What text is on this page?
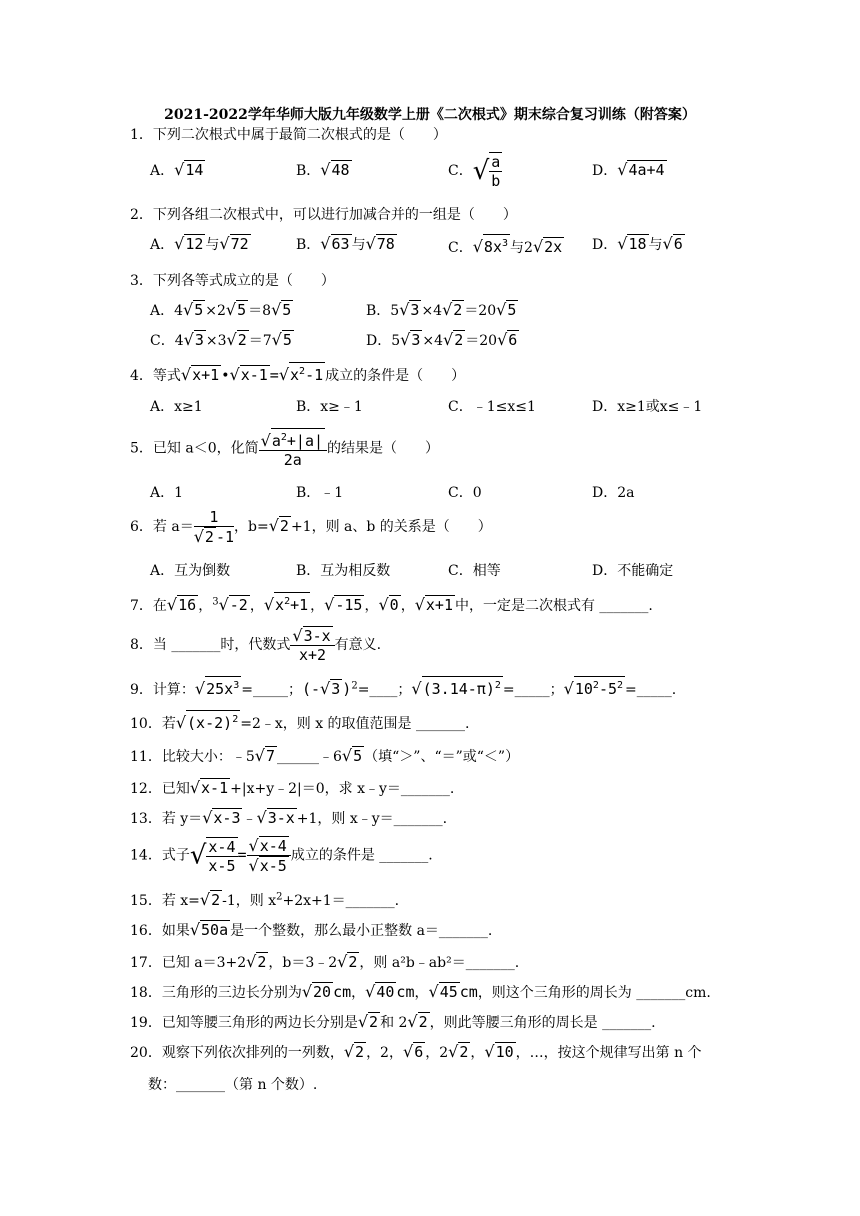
2021-2022学年华师大版九年级数学上册《二次根式》期末综合复习训练（附答案）
1．下列二次根式中属于最简二次根式的是（　　）
A．√14	B．√48	C．√ $\frac{a}{b}$	D．√4a+4
2．下列各组二次根式中，可以进行加减合并的一组是（　　）
A．√12 与√72	B．√63 与√78	C．$√8x^3$ 与2√2x D．√18 与√6
3．下列各等式成立的是（　　）
A．4√5 ×2√5 ＝8√5	B．5√3 ×4√2 ＝20√5
C．4√3 ×3√2 ＝7√5	D．5√3 ×4√2 ＝20√6
4．等式√x+1 •√x-1 $=√x^2-1$ 成立的条件是（　　）
A．x≥1	B．x≥﹣1	C．﹣1≤x≤1	D．x≥1或x≤﹣1
5．已知 a＜0，化简 $\frac{√a^2+|a|}{2a}$ 的结果是（　　）
A．1	B．﹣1	C．0	D．2a
6．若 $a= \frac{1}{√2 -1}$ ，b=√2 +1，则 a、b 的关系是（　　）
A．互为倒数	B．互为相反数	C．相等	D．不能确定
7．在√16 ，$^3$√-2 ，$√x^2+1$ ，√-15 ，√0 ，√x+1 中，一定是二次根式有 _______.
8．当 _______时，代数式 $\frac{√3-x}{x+2}$ 有意义.
9．计算：$√25x^3$ =_____；(-√3 )$^2$=____；$√(3.14-\pi)^2$ =_____；$√10^2-5^2$ =_____.
10．若$√(x-2)^2$ =2﹣x，则 x 的取值范围是 _______.
11．比较大小：﹣5√7 ______﹣6√5 （填“＞”、“＝”或“＜”）
12．已知√x-1 +|x+y﹣2|＝0，求 x﹣y＝_______.
13．若 y＝√x-3 ﹣√3-x +1，则 x﹣y＝_______.
14．式子√ $\frac{x-4}{x-5} = \frac{√x-4}{√x-5}$ 成立的条件是 _______.
15．若 x=√2 -1，则 $x^2+2x+1=\_\_\_\_\_\_\_$.
16．如果√50a 是一个整数，那么最小正整数 a＝_______.
17．已知 a＝3+2√2 ，b＝3﹣2√2 ，则 a²b﹣ab²＝_______.
18．三角形的三边长分别为√20 cm，√40 cm，√45 cm，则这个三角形的周长为 _______cm.
19．已知等腰三角形的两边长分别是√2 和 2√2 ，则此等腰三角形的周长是 _______.
20．观察下列依次排列的一列数，√2 ，2，√6 ，2√2 ，√10 ，…，按这个规律写出第 n 个
数：_______（第 n 个数）.
